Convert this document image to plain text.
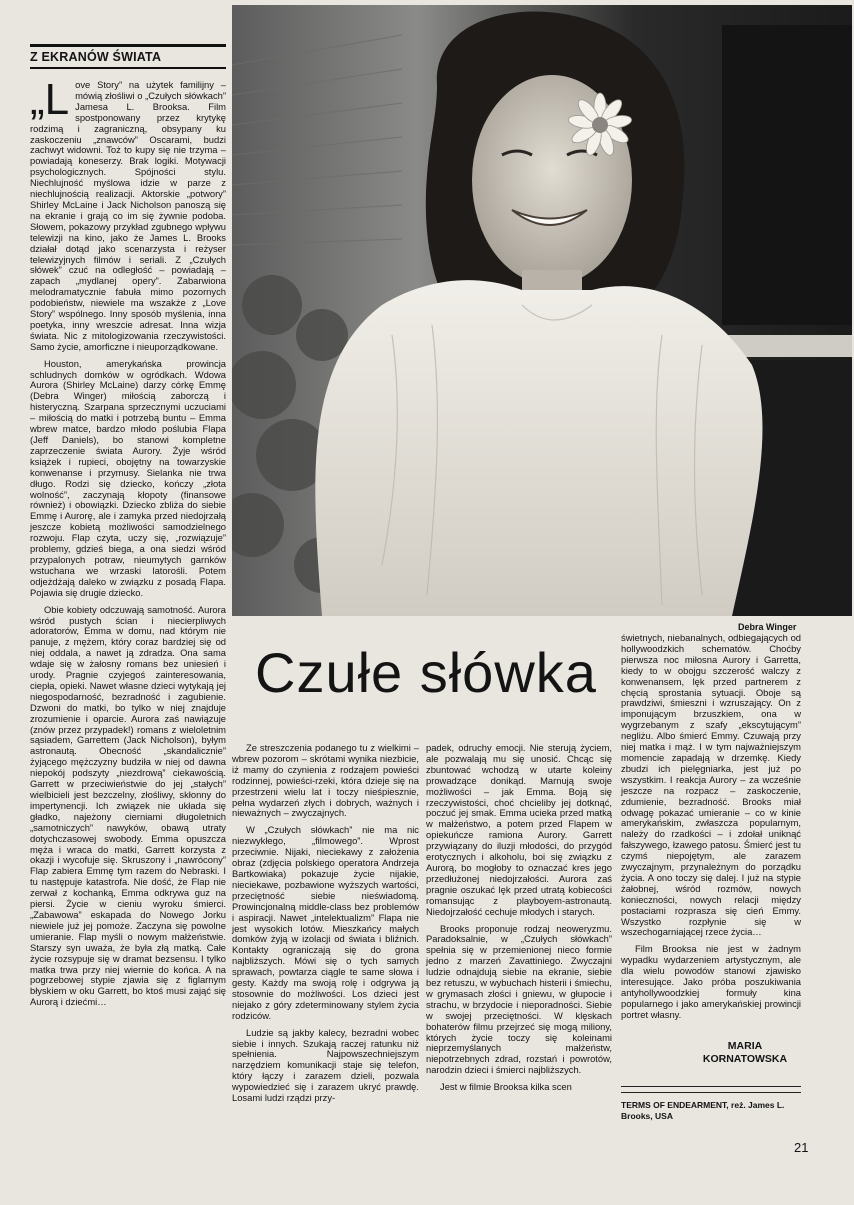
Z EKRANÓW ŚWIATA

„Love Story” na użytek familijny – mówią złośliwi o „Czułych słówkach” Jamesa L. Brooksa. Film spostponowany przez krytykę rodzimą i zagraniczną, obsypany ku zaskoczeniu „znawców” Oscarami, budzi zachwyt widowni. Toż to kupy się nie trzyma – powiadają koneserzy. Brak logiki. Motywacji psychologicznych. Spójności stylu. Niechlujność myślowa idzie w parze z niechlujnością realizacji. Aktorskie „potwory” Shirley McLaine i Jack Nicholson panoszą się na ekranie i grają co im się żywnie podoba. Słowem, pokazowy przykład zgubnego wpływu telewizji na kino, jako że James L. Brooks działał dotąd jako scenarzysta i reżyser telewizyjnych filmów i seriali. Z „Czułych słówek” czuć na odległość – powiadają – zapach „mydlanej opery”. Zabarwiona melodramatycznie fabuła mimo pozornych podobieństw, niewiele ma wszakże z „Love Story” wspólnego. Inny sposób myślenia, inna poetyka, inny wreszcie adresat. Inna wizja świata. Nic z mitologizowania rzeczywistości. Samo życie, amorficzne i nieuporządkowane.

Houston, amerykańska prowincja schludnych domków w ogródkach. Wdowa Aurora (Shirley McLaine) darzy córkę Emmę (Debra Winger) miłością zaborczą i histeryczną. Szarpana sprzecznymi uczuciami – miłością do matki i potrzebą buntu – Emma wbrew matce, bardzo młodo poślubia Flapa (Jeff Daniels), bo stanowi kompletne zaprzeczenie świata Aurory. Żyje wśród książek i rupieci, obojętny na towarzyskie konwenanse i przymusy. Sielanka nie trwa długo. Rodzi się dziecko, kończy „złota wolność”, zaczynają kłopoty (finansowe również) i obowiązki. Dziecko zbliża do siebie Emmę i Aurorę, ale i zamyka przed niedojrzałą jeszcze kobietą możliwości samodzielnego rozwoju. Flap czyta, uczy się, „rozwiązuje” problemy, gdzieś biega, a ona siedzi wśród przypalonych potraw, nieumytych garnków wstuchana we wrzaski latorośli. Potem odjeżdżają daleko w związku z posadą Flapa. Pojawia się drugie dziecko.

Obie kobiety odczuwają samotność. Aurora wśród pustych ścian i niecierpliwych adoratorów, Emma w domu, nad którym nie panuje, z mężem, który coraz bardziej się od niej oddala, a nawet ją zdradza. Ona sama wdaje się w żałosny romans bez uniesień i urody. Pragnie czyjegoś zainteresowania, ciepła, opieki. Nawet własne dzieci wytykają jej niegospodarność, bezradność i zagubienie. Dzwoni do matki, bo tylko w niej znajduje zrozumienie i oparcie. Aurora zaś nawiązuje (znów przez przypadek!) romans z wieloletnim sąsiadem, Garrettem (Jack Nicholson), byłym astronautą. Obecność „skandalicznie” żyjącego mężczyzny budziła w niej od dawna niepokój podszyty „niezdrową” ciekawością. Garrett w przeciwieństwie do jej „stałych” wielbicieli jest bezczelny, złośliwy, skłonny do impertynencji. Ich związek nie układa się gładko, najeżony cierniami długoletnich „samotniczych” nawyków, obawą utraty dotychczasowej swobody. Emma opuszcza męża i wraca do matki, Garrett korzysta z okazji i wycofuje się. Skruszony i „nawrócony” Flap zabiera Emmę tym razem do Nebraski. I tu następuje katastrofa. Nie dość, że Flap nie zerwał z kochanką, Emma odkrywa guz na piersi. Życie w cieniu wyroku śmierci. „Zabawowa” eskapada do Nowego Jorku niewiele już jej pomoże. Zaczyna się powolne umieranie. Flap myśli o nowym małżeństwie. Starszy syn uważa, że była złą matką. Całe życie rozsypuje się w dramat bezsensu. I tylko matka trwa przy niej wiernie do końca. A na pogrzebowej stypie zjawia się z figlarnym błyskiem w oku Garrett, bo ktoś musi zająć się Aurorą i dziećmi…

Debra Winger
Czułe słówka

Ze streszczenia podanego tu z wielkimi – wbrew pozorom – skrótami wynika niezbicie, iż mamy do czynienia z rodzajem powieści rodzinnej, powieści-rzeki, która dzieje się na przestrzeni wielu lat i toczy nieśpiesznie, pełna wydarzeń złych i dobrych, ważnych i nieważnych – zwyczajnych.

W „Czułych słówkach” nie ma nic niezwykłego, „filmowego”. Wprost przeciwnie. Nijaki, nieciekawy z założenia obraz (zdjęcia polskiego operatora Andrzeja Bartkowiaka) pokazuje życie nijakie, nieciekawe, pozbawione wyższych wartości, przeciętność siebie nieświadomą. Prowincjonalną middle-class bez problemów i aspiracji. Nawet „intelektualizm” Flapa nie jest wysokich lotów. Mieszkańcy małych domków żyją w izolacji od świata i bliźnich. Kontakty ograniczają się do grona najbliższych. Mówi się o tych samych sprawach, powtarza ciągle te same słowa i gesty. Każdy ma swoją rolę i odgrywa ją stosownie do możliwości. Los dzieci jest niejako z góry zdeterminowany stylem życia rodziców.

Ludzie są jakby kalecy, bezradni wobec siebie i innych. Szukają raczej ratunku niż spełnienia. Najpowszechniejszym narzędziem komunikacji staje się telefon, który łączy i zarazem dzieli, pozwala wypowiedzieć się i zarazem ukryć prawdę. Losami ludzi rządzi przy-

padek, odruchy emocji. Nie sterują życiem, ale pozwalają mu się unosić. Chcąc się zbuntować wchodzą w utarte koleiny prowadzące donikąd. Marnują swoje możliwości – jak Emma. Boją się rzeczywistości, choć chcieliby jej dotknąć, poczuć jej smak. Emma ucieka przed matką w małżeństwo, a potem przed Flapem w opiekuńcze ramiona Aurory. Garrett przywiązany do iluzji młodości, do przygód erotycznych i alkoholu, boi się związku z Aurorą, bo mogłoby to oznaczać kres jego przedłużonej niedojrzałości. Aurora zaś pragnie oszukać lęk przed utratą kobiecości romansując z playboyem-astronautą. Niedojrzałość cechuje młodych i starych.

Brooks proponuje rodzaj neoweryzmu. Paradoksalnie, w „Czułych słówkach” spełnia się w przemienionej nieco formie jedno z marzeń Zavattiniego. Zwyczajni ludzie odnajdują siebie na ekranie, siebie bez retuszu, w wybuchach histerii i śmiechu, w grymasach złości i gniewu, w głupocie i strachu, w brzydocie i nieporadności. Siebie w swojej przeciętności. W klęskach bohaterów filmu przejrzeć się mogą miliony, których życie toczy się koleinami nieprzemyślanych małżeństw, niepotrzebnych zdrad, rozstań i powrotów, narodzin dzieci i śmierci najbliższych.

Jest w filmie Brooksa kilka scen

świetnych, niebanalnych, odbiegających od hollywoodzkich schematów. Choćby pierwsza noc miłosna Aurory i Garretta, kiedy to w obojgu szczerość walczy z konwenansem, lęk przed partnerem z chęcią sprostania sytuacji. Oboje są prawdziwi, śmieszni i wzruszający. On z imponującym brzuszkiem, ona w wygrzebanym z szafy „ekscytującym” negliżu. Albo śmierć Emmy. Czuwają przy niej matka i mąż. I w tym najważniejszym momencie zapadają w drzemkę. Kiedy zbudzi ich pielęgniarka, jest już po wszystkim. I reakcja Aurory – za wcześnie jeszcze na rozpacz – zaskoczenie, zdumienie, bezradność. Brooks miał odwagę pokazać umieranie – co w kinie amerykańskim, zwłaszcza popularnym, należy do rzadkości – i zdołał uniknąć fałszywego, łzawego patosu. Śmierć jest tu czymś niepojętym, ale zarazem zwyczajnym, przynależnym do porządku życia. A ono toczy się dalej. I już na stypie żałobnej, wśród rozmów, nowych konieczności, nowych relacji między postaciami rozprasza się cień Emmy. Wszystko rozpłynie się w wszechogarniającej rzece życia…

Film Brooksa nie jest w żadnym wypadku wydarzeniem artystycznym, ale dla wielu powodów stanowi zjawisko interesujące. Jako próba poszukiwania antyhollywoodzkiej formuły kina popularnego i jako amerykańskiej prowincji portret własny.

MARIA
KORNATOWSKA
TERMS OF ENDEARMENT, reż. James L. Brooks, USA
21
